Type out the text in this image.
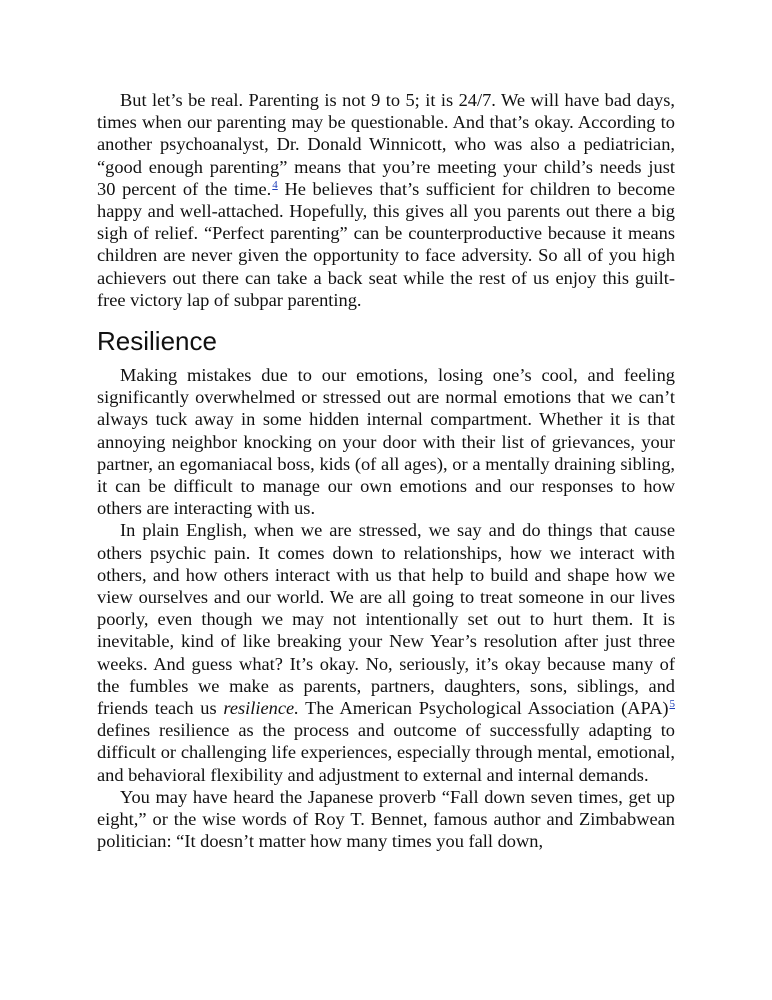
But let’s be real. Parenting is not 9 to 5; it is 24/7. We will have bad days, times when our parenting may be questionable. And that’s okay. According to another psychoanalyst, Dr. Donald Winnicott, who was also a pediatrician, “good enough parenting” means that you’re meeting your child’s needs just 30 percent of the time.$^4$ He believes that’s sufficient for children to become happy and well-attached. Hopefully, this gives all you parents out there a big sigh of relief. “Perfect parenting” can be counterproductive because it means children are never given the opportunity to face adversity. So all of you high achievers out there can take a back seat while the rest of us enjoy this guilt-free victory lap of subpar parenting.

Resilience

Making mistakes due to our emotions, losing one’s cool, and feeling significantly overwhelmed or stressed out are normal emotions that we can’t always tuck away in some hidden internal compartment. Whether it is that annoying neighbor knocking on your door with their list of grievances, your partner, an egomaniacal boss, kids (of all ages), or a mentally draining sibling, it can be difficult to manage our own emotions and our responses to how others are interacting with us.

In plain English, when we are stressed, we say and do things that cause others psychic pain. It comes down to relationships, how we interact with others, and how others interact with us that help to build and shape how we view ourselves and our world. We are all going to treat someone in our lives poorly, even though we may not intentionally set out to hurt them. It is inevitable, kind of like breaking your New Year’s resolution after just three weeks. And guess what? It’s okay. No, seriously, it’s okay because many of the fumbles we make as parents, partners, daughters, sons, siblings, and friends teach us resilience. The American Psychological Association (APA)$^5$ defines resilience as the process and outcome of successfully adapting to difficult or challenging life experiences, especially through mental, emotional, and behavioral flexibility and adjustment to external and internal demands.

You may have heard the Japanese proverb “Fall down seven times, get up eight,” or the wise words of Roy T. Bennet, famous author and Zimbabwean politician: “It doesn’t matter how many times you fall down,
